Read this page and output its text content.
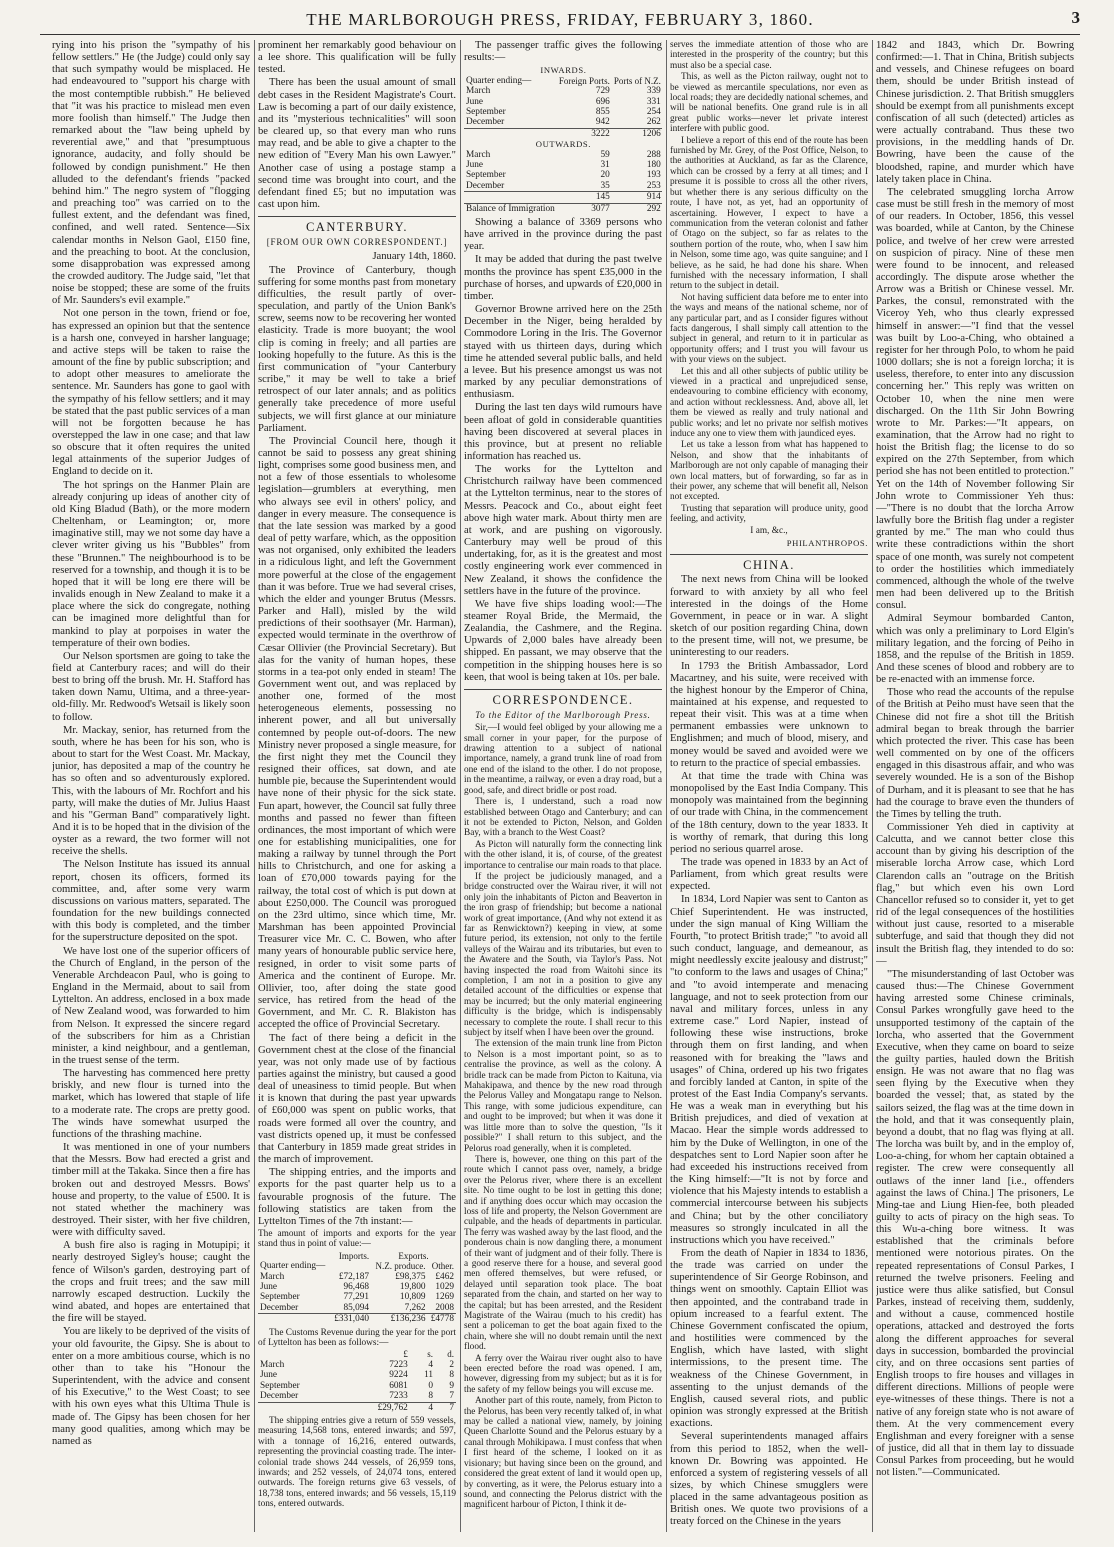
THE MARLBOROUGH PRESS, FRIDAY, FEBRUARY 3, 1860.	3

rying into his prison the "sympathy of his fellow settlers." He (the Judge) could only say that such sympathy would be misplaced. He had endeavoured to "support his charge with the most contemptible rubbish." He believed that "it was his practice to mislead men even more foolish than himself." The Judge then remarked about the "law being upheld by reverential awe," and that "presumptuous ignorance, audacity, and folly should be followed by condign punishment." He then alluded to the defendant's friends "packed behind him." The negro system of "flogging and preaching too" was carried on to the fullest extent, and the defendant was fined, confined, and well rated. Sentence—Six calendar months in Nelson Gaol, £150 fine, and the preaching to boot. At the conclusion, some disapprobation was expressed among the crowded auditory. The Judge said, "let that noise be stopped; these are some of the fruits of Mr. Saunders's evil example."

Not one person in the town, friend or foe, has expressed an opinion but that the sentence is a harsh one, conveyed in harsher language; and active steps will be taken to raise the amount of the fine by public subscription; and to adopt other measures to ameliorate the sentence. Mr. Saunders has gone to gaol with the sympathy of his fellow settlers; and it may be stated that the past public services of a man will not be forgotten because he has overstepped the law in one case; and that law so obscure that it often requires the united legal attainments of the superior Judges of England to decide on it.

The hot springs on the Hanmer Plain are already conjuring up ideas of another city of old King Bladud (Bath), or the more modern Cheltenham, or Leamington; or, more imaginative still, may we not some day have a clever writer giving us his "Bubbles" from these "Brunnen." The neighbourhood is to be reserved for a township, and though it is to be hoped that it will be long ere there will be invalids enough in New Zealand to make it a place where the sick do congregate, nothing can be imagined more delightful than for mankind to play at porpoises in water the temperature of their own bodies.

Our Nelson sportsmen are going to take the field at Canterbury races; and will do their best to bring off the brush. Mr. H. Stafford has taken down Namu, Ultima, and a three-year-old-filly. Mr. Redwood's Wetsail is likely soon to follow.

Mr. Mackay, senior, has returned from the south, where he has been for his son, who is about to start for the West Coast. Mr. Mackay, junior, has deposited a map of the country he has so often and so adventurously explored. This, with the labours of Mr. Rochfort and his party, will make the duties of Mr. Julius Haast and his "German Band" comparatively light. And it is to be hoped that in the division of the oyster as a reward, the two former will not receive the shells.

The Nelson Institute has issued its annual report, chosen its officers, formed its committee, and, after some very warm discussions on various matters, separated. The foundation for the new buildings connected with this body is completed, and the timber for the superstructure deposited on the spot.

We have lost one of the superior officers of the Church of England, in the person of the Venerable Archdeacon Paul, who is going to England in the Mermaid, about to sail from Lyttelton. An address, enclosed in a box made of New Zealand wood, was forwarded to him from Nelson. It expressed the sincere regard of the subscribers for him as a Christian minister, a kind neighbour, and a gentleman, in the truest sense of the term.

The harvesting has commenced here pretty briskly, and new flour is turned into the market, which has lowered that staple of life to a moderate rate. The crops are pretty good. The winds have somewhat usurped the functions of the thrashing machine.

It was mentioned in one of your numbers that the Messrs. Bow had erected a grist and timber mill at the Takaka. Since then a fire has broken out and destroyed Messrs. Bows' house and property, to the value of £500. It is not stated whether the machinery was destroyed. Their sister, with her five children, were with difficulty saved.

A bush fire also is raging in Motupipi; it nearly destroyed Sigley's house; caught the fence of Wilson's garden, destroying part of the crops and fruit trees; and the saw mill narrowly escaped destruction. Luckily the wind abated, and hopes are entertained that the fire will be stayed.

You are likely to be deprived of the visits of your old favourite, the Gipsy. She is about to enter on a more ambitious course, which is no other than to take his "Honour the Superintendent, with the advice and consent of his Executive," to the West Coast; to see with his own eyes what this Ultima Thule is made of. The Gipsy has been chosen for her many good qualities, among which may be named as

prominent her remarkably good behaviour on a lee shore. This qualification will be fully tested.

There has been the usual amount of small debt cases in the Resident Magistrate's Court. Law is becoming a part of our daily existence, and its "mysterious technicalities" will soon be cleared up, so that every man who runs may read, and be able to give a chapter to the new edition of "Every Man his own Lawyer." Another case of using a postage stamp a second time was brought into court, and the defendant fined £5; but no imputation was cast upon him.

CANTERBURY.

[FROM OUR OWN CORRESPONDENT.]

January 14th, 1860.

The Province of Canterbury, though suffering for some months past from monetary difficulties, the result partly of over-speculation, and partly of the Union Bank's screw, seems now to be recovering her wonted elasticity. Trade is more buoyant; the wool clip is coming in freely; and all parties are looking hopefully to the future. As this is the first communication of "your Canterbury scribe," it may be well to take a brief retrospect of our later annals; and as politics generally take precedence of more useful subjects, we will first glance at our miniature Parliament.

The Provincial Council here, though it cannot be said to possess any great shining light, comprises some good business men, and not a few of those essentials to wholesome legislation—grumblers at everything, men who always see evil in others' policy, and danger in every measure. The consequence is that the late session was marked by a good deal of petty warfare, which, as the opposition was not organised, only exhibited the leaders in a ridiculous light, and left the Government more powerful at the close of the engagement than it was before. True we had several crises, which the elder and younger Brutus (Messrs. Parker and Hall), misled by the wild predictions of their soothsayer (Mr. Harman), expected would terminate in the overthrow of Cæsar Ollivier (the Provincial Secretary). But alas for the vanity of human hopes, these storms in a tea-pot only ended in steam! The Government went out, and was replaced by another one, formed of the most heterogeneous elements, possessing no inherent power, and all but universally contemned by people out-of-doors. The new Ministry never proposed a single measure, for the first night they met the Council they resigned their offices, sat down, and ate humble pie, because the Superintendent would have none of their physic for the sick state. Fun apart, however, the Council sat fully three months and passed no fewer than fifteen ordinances, the most important of which were one for establishing municipalities, one for making a railway by tunnel through the Port hills to Christchurch, and one for asking a loan of £70,000 towards paying for the railway, the total cost of which is put down at about £250,000. The Council was prorogued on the 23rd ultimo, since which time, Mr. Marshman has been appointed Provincial Treasurer vice Mr. C. C. Bowen, who after many years of honourable public service here, resigned, in order to visit some parts of America and the continent of Europe. Mr. Ollivier, too, after doing the state good service, has retired from the head of the Government, and Mr. C. R. Blakiston has accepted the office of Provincial Secretary.

The fact of there being a deficit in the Government chest at the close of the financial year, was not only made use of by factious parties against the ministry, but caused a good deal of uneasiness to timid people. But when it is known that during the past year upwards of £60,000 was spent on public works, that roads were formed all over the country, and vast districts opened up, it must be confessed that Canterbury in 1859 made great strides in the march of improvement.

The shipping entries, and the imports and exports for the past quarter help us to a favourable prognosis of the future. The following statistics are taken from the Lyttelton Times of the 7th instant:—

The amount of imports and exports for the year stand thus in point of value:—

	Imports.	Exports.	
Quarter ending—		N.Z. produce.	Other.
March	£72,187	£98,375	£462
June	96,468	19,800	1029
September	77,291	10,809	1269
December	85,094	7,262	2008
	£331,040	£136,236	£4778

The Customs Revenue during the year for the port of Lyttelton has been as follows:—

	£	s.	d.
March	7223	4	2
June	9224	11	8
September	6081	0	9
December	7233	8	7
	£29,762	4	7

The shipping entries give a return of 559 vessels, measuring 14,568 tons, entered inwards; and 597, with a tonnage of 16,216, entered outwards, representing the provincial coasting trade. The inter-colonial trade shows 244 vessels, of 26,959 tons, inwards; and 252 vessels, of 24,074 tons, entered outwards. The foreign returns give 63 vessels, of 18,738 tons, entered inwards; and 56 vessels, 15,119 tons, entered outwards.

The passenger traffic gives the following results:—

INWARDS.		
Quarter ending—	Foreign Ports.	Ports of N.Z.
March	729	339
June	696	331
September	855	254
December	942	262
	3222	1206
OUTWARDS.		
March	59	288
June	31	180
September	20	193
December	35	253
	145	914
Balance of Immigration	3077	292

Showing a balance of 3369 persons who have arrived in the province during the past year.

It may be added that during the past twelve months the province has spent £35,000 in the purchase of horses, and upwards of £20,000 in timber.

Governor Browne arrived here on the 25th December in the Niger, being heralded by Commodore Loring in the Iris. The Governor stayed with us thirteen days, during which time he attended several public balls, and held a levee. But his presence amongst us was not marked by any peculiar demonstrations of enthusiasm.

During the last ten days wild rumours have been afloat of gold in considerable quantities having been discovered at several places in this province, but at present no reliable information has reached us.

The works for the Lyttelton and Christchurch railway have been commenced at the Lyttelton terminus, near to the stores of Messrs. Peacock and Co., about eight feet above high water mark. About thirty men are at work, and are pushing on vigorously. Canterbury may well be proud of this undertaking, for, as it is the greatest and most costly engineering work ever commenced in New Zealand, it shows the confidence the settlers have in the future of the province.

We have five ships loading wool:—The steamer Royal Bride, the Mermaid, the Zealandia, the Cashmere, and the Regina. Upwards of 2,000 bales have already been shipped. En passant, we may observe that the competition in the shipping houses here is so keen, that wool is being taken at 10s. per bale.

CORRESPONDENCE.

To the Editor of the Marlborough Press.

Sir,—I would feel obliged by your allowing me a small corner in your paper, for the purpose of drawing attention to a subject of national importance, namely, a grand trunk line of road from one end of the island to the other. I do not propose, in the meantime, a railway, or even a dray road, but a good, safe, and direct bridle or post road.

There is, I understand, such a road now established between Otago and Canterbury; and can it not be extended to Picton, Nelson, and Golden Bay, with a branch to the West Coast?

As Picton will naturally form the connecting link with the other island, it is, of course, of the greatest importance to centralise our main roads to that place.

If the project be judiciously managed, and a bridge constructed over the Wairau river, it will not only join the inhabitants of Picton and Beaverton in the iron grasp of friendship; but become a national work of great importance, (And why not extend it as far as Renwicktown?) keeping in view, at some future period, its extension, not only to the fertile valleys of the Wairau and its tributaries, but even to the Awatere and the South, via Taylor's Pass. Not having inspected the road from Waitohi since its completion, I am not in a position to give any detailed account of the difficulties or expense that may be incurred; but the only material engineering difficulty is the bridge, which is indispensably necessary to complete the route. I shall recur to this subject by itself when I have been over the ground.

The extension of the main trunk line from Picton to Nelson is a most important point, so as to centralise the province, as well as the colony. A bridle track can be made from Picton to Kaituna, via Mahakipawa, and thence by the new road through the Pelorus Valley and Mongatapu range to Nelson. This range, with some judicious expenditure, can and ought to be improved; but when it was done it was little more than to solve the question, "Is it possible?" I shall return to this subject, and the Pelorus road generally, when it is completed.

There is, however, one thing on this part of the route which I cannot pass over, namely, a bridge over the Pelorus river, where there is an excellent site. No time ought to be lost in getting this done; and if anything does occur which may occasion the loss of life and property, the Nelson Government are culpable, and the heads of departments in particular. The ferry was washed away by the last flood, and the ponderous chain is now dangling there, a monument of their want of judgment and of their folly. There is a good reserve there for a house, and several good men offered themselves, but were refused, or delayed until separation took place. The boat separated from the chain, and started on her way to the capital; but has been arrested, and the Resident Magistrate of the Wairau (much to his credit) has sent a policeman to get the boat again fixed to the chain, where she will no doubt remain until the next flood.

A ferry over the Wairau river ought also to have been erected before the road was opened. I am, however, digressing from my subject; but as it is for the safety of my fellow beings you will excuse me.

Another part of this route, namely, from Picton to the Pelorus, has been very recently talked of, in what may be called a national view, namely, by joining Queen Charlotte Sound and the Pelorus estuary by a canal through Mohikipawa. I must confess that when I first heard of the scheme, I looked on it as visionary; but having since been on the ground, and considered the great extent of land it would open up, by converting, as it were, the Pelorus estuary into a sound, and connecting the Pelorus district with the magnificent harbour of Picton, I think it de-

serves the immediate attention of those who are interested in the prosperity of the country; but this must also be a special case.

This, as well as the Picton railway, ought not to be viewed as mercantile speculations, nor even as local roads; they are decidedly national schemes, and will be national benefits. One grand rule is in all great public works—never let private interest interfere with public good.

I believe a report of this end of the route has been furnished by Mr. Grey, of the Post Office, Nelson, to the authorities at Auckland, as far as the Clarence, which can be crossed by a ferry at all times; and I presume it is possible to cross all the other rivers, but whether there is any serious difficulty on the route, I have not, as yet, had an opportunity of ascertaining. However, I expect to have a communication from the veteran colonist and father of Otago on the subject, so far as relates to the southern portion of the route, who, when I saw him in Nelson, some time ago, was quite sanguine; and I believe, as he said, he had done his share. When furnished with the necessary information, I shall return to the subject in detail.

Not having sufficient data before me to enter into the ways and means of the national scheme, nor of any particular part, and as I consider figures without facts dangerous, I shall simply call attention to the subject in general, and return to it in particular as opportunity offers; and I trust you will favour us with your views on the subject.

Let this and all other subjects of public utility be viewed in a practical and unprejudiced sense, endeavouring to combine efficiency with economy, and action without recklessness. And, above all, let them be viewed as really and truly national and public works; and let no private nor selfish motives induce any one to view them with jaundiced eyes.

Let us take a lesson from what has happened to Nelson, and show that the inhabitants of Marlborough are not only capable of managing their own local matters, but of forwarding, so far as in their power, any scheme that will benefit all, Nelson not excepted.

Trusting that separation will produce unity, good feeling, and activity,

I am, &c.,

PHILANTHROPOS.

CHINA.

The next news from China will be looked forward to with anxiety by all who feel interested in the doings of the Home Government, in peace or in war. A slight sketch of our position regarding China, down to the present time, will not, we presume, be uninteresting to our readers.

In 1793 the British Ambassador, Lord Macartney, and his suite, were received with the highest honour by the Emperor of China, maintained at his expense, and requested to repeat their visit. This was at a time when permanent embassies were unknown to Englishmen; and much of blood, misery, and money would be saved and avoided were we to return to the practice of special embassies.

At that time the trade with China was monopolised by the East India Company. This monopoly was maintained from the beginning of our trade with China, in the commencement of the 18th century, down to the year 1833. It is worthy of remark, that during this long period no serious quarrel arose.

The trade was opened in 1833 by an Act of Parliament, from which great results were expected.

In 1834, Lord Napier was sent to Canton as Chief Superintendent. He was instructed, under the sign manual of King William the Fourth, "to protect British trade;" "to avoid all such conduct, language, and demeanour, as might needlessly excite jealousy and distrust;" "to conform to the laws and usages of China;" and "to avoid intemperate and menacing language, and not to seek protection from our naval and military forces, unless in any extreme case." Lord Napier, instead of following these wise instructions, broke through them on first landing, and when reasoned with for breaking the "laws and usages" of China, ordered up his two frigates and forcibly landed at Canton, in spite of the protest of the East India Company's servants. He was a weak man in everything but his British prejudices, and died of vexation at Macao. Hear the simple words addressed to him by the Duke of Wellington, in one of the despatches sent to Lord Napier soon after he had exceeded his instructions received from the King himself:—"It is not by force and violence that his Majesty intends to establish a commercial intercourse between his subjects and China; but by the other conciliatory measures so strongly inculcated in all the instructions which you have received."

From the death of Napier in 1834 to 1836, the trade was carried on under the superintendence of Sir George Robinson, and things went on smoothly. Captain Elliot was then appointed, and the contraband trade in opium increased to a fearful extent. The Chinese Government confiscated the opium, and hostilities were commenced by the English, which have lasted, with slight intermissions, to the present time. The weakness of the Chinese Government, in assenting to the unjust demands of the English, caused several riots, and public opinion was strongly expressed at the British exactions.

Several superintendents managed affairs from this period to 1852, when the well-known Dr. Bowring was appointed. He enforced a system of registering vessels of all sizes, by which Chinese smugglers were placed in the same advantageous position as British ones. We quote two provisions of a treaty forced on the Chinese in the years

1842 and 1843, which Dr. Bowring confirmed:—1. That in China, British subjects and vessels, and Chinese refugees on board them, should be under British instead of Chinese jurisdiction. 2. That British smugglers should be exempt from all punishments except confiscation of all such (detected) articles as were actually contraband. Thus these two provisions, in the meddling hands of Dr. Bowring, have been the cause of the bloodshed, rapine, and murder which have lately taken place in China.

The celebrated smuggling lorcha Arrow case must be still fresh in the memory of most of our readers. In October, 1856, this vessel was boarded, while at Canton, by the Chinese police, and twelve of her crew were arrested on suspicion of piracy. Nine of these men were found to be innocent, and released accordingly. The dispute arose whether the Arrow was a British or Chinese vessel. Mr. Parkes, the consul, remonstrated with the Viceroy Yeh, who thus clearly expressed himself in answer:—"I find that the vessel was built by Loo-a-Ching, who obtained a register for her through Polo, to whom he paid 1000 dollars; she is not a foreign lorcha; it is useless, therefore, to enter into any discussion concerning her." This reply was written on October 10, when the nine men were discharged. On the 11th Sir John Bowring wrote to Mr. Parkes:—"It appears, on examination, that the Arrow had no right to hoist the British flag; the license to do so expired on the 27th September, from which period she has not been entitled to protection." Yet on the 14th of November following Sir John wrote to Commissioner Yeh thus:—"There is no doubt that the lorcha Arrow lawfully bore the British flag under a register granted by me." The man who could thus write these contradictions within the short space of one month, was surely not competent to order the hostilities which immediately commenced, although the whole of the twelve men had been delivered up to the British consul.

Admiral Seymour bombarded Canton, which was only a preliminary to Lord Elgin's military legation, and the forcing of Peiho in 1858, and the repulse of the British in 1859. And these scenes of blood and robbery are to be re-enacted with an immense force.

Those who read the accounts of the repulse of the British at Peiho must have seen that the Chinese did not fire a shot till the British admiral began to break through the barrier which protected the river. This case has been well commented on by one of the officers engaged in this disastrous affair, and who was severely wounded. He is a son of the Bishop of Durham, and it is pleasant to see that he has had the courage to brave even the thunders of the Times by telling the truth.

Commissioner Yeh died in captivity at Calcutta, and we cannot better close this account than by giving his description of the miserable lorcha Arrow case, which Lord Clarendon calls an "outrage on the British flag," but which even his own Lord Chancellor refused so to consider it, yet to get rid of the legal consequences of the hostilities without just cause, resorted to a miserable subterfuge, and said that though they did not insult the British flag, they intended to do so:—

"The misunderstanding of last October was caused thus:—The Chinese Government having arrested some Chinese criminals, Consul Parkes wrongfully gave heed to the unsupported testimony of the captain of the lorcha, who asserted that the Government Executive, when they came on board to seize the guilty parties, hauled down the British ensign. He was not aware that no flag was seen flying by the Executive when they boarded the vessel; that, as stated by the sailors seized, the flag was at the time down in the hold, and that it was consequently plain, beyond a doubt, that no flag was flying at all. The lorcha was built by, and in the employ of, Loo-a-ching, for whom her captain obtained a register. The crew were consequently all outlaws of the inner land [i.e., offenders against the laws of China.] The prisoners, Le Ming-tae and Liung Hien-fee, both pleaded guilty to acts of piracy on the high seas. To this Wu-a-ching bore witness. It was established that the criminals before mentioned were notorious pirates. On the repeated representations of Consul Parkes, I returned the twelve prisoners. Feeling and justice were thus alike satisfied, but Consul Parkes, instead of receiving them, suddenly, and without a cause, commenced hostile operations, attacked and destroyed the forts along the different approaches for several days in succession, bombarded the provincial city, and on three occasions sent parties of English troops to fire houses and villages in different directions. Millions of people were eye-witnesses of these things. There is not a native of any foreign state who is not aware of them. At the very commencement every Englishman and every foreigner with a sense of justice, did all that in them lay to dissuade Consul Parkes from proceeding, but he would not listen."—Communicated.
